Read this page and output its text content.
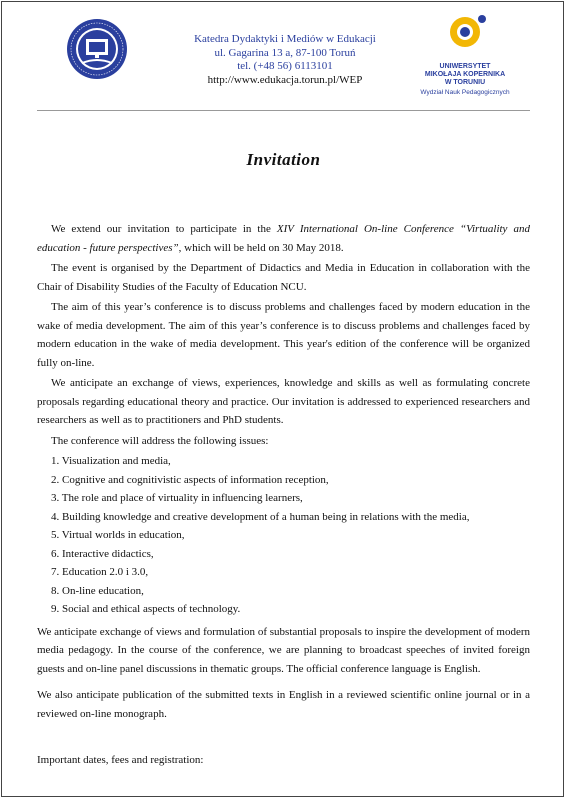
UNIWERSYTET
MIKOŁAJA KOPERNIKA
W TORUNIU
Wydział Nauk Pedagogicznych
Katedra Dydaktyki i Mediów w Edukacji
ul. Gagarina 13 a, 87-100 Toruń
tel. (+48 56) 6113101
http://www.edukacja.torun.pl/WEP
Invitation

We extend our invitation to participate in the XIV International On-line Conference “Virtuality and education - future perspectives”, which will be held on 30 May 2018.

The event is organised by the Department of Didactics and Media in Education in collaboration with the Chair of Disability Studies of the Faculty of Education NCU.

The aim of this year’s conference is to discuss problems and challenges faced by modern education in the wake of media development. The aim of this year’s conference is to discuss problems and challenges faced by modern education in the wake of media development. This year's edition of the conference will be organized fully on-line.

We anticipate an exchange of views, experiences, knowledge and skills as well as formulating concrete proposals regarding educational theory and practice. Our invitation is addressed to experienced researchers and researchers as well as to practitioners and PhD students.

The conference will address the following issues:

1. Visualization and media,
2. Cognitive and cognitivistic aspects of information reception,
3. The role and place of virtuality in influencing learners,
4. Building knowledge and creative development of a human being in relations with the media,
5. Virtual worlds in education,
6. Interactive didactics,
7. Education 2.0 i 3.0,
8. On-line education,
9. Social and ethical aspects of technology.

We anticipate exchange of views and formulation of substantial proposals to inspire the development of modern media pedagogy. In the course of the conference, we are planning to broadcast speeches of invited foreign guests and on-line panel discussions in thematic groups. The official conference language is English.

We also anticipate publication of the submitted texts in English in a reviewed scientific online journal or in a reviewed on-line monograph.

Important dates, fees and registration:
